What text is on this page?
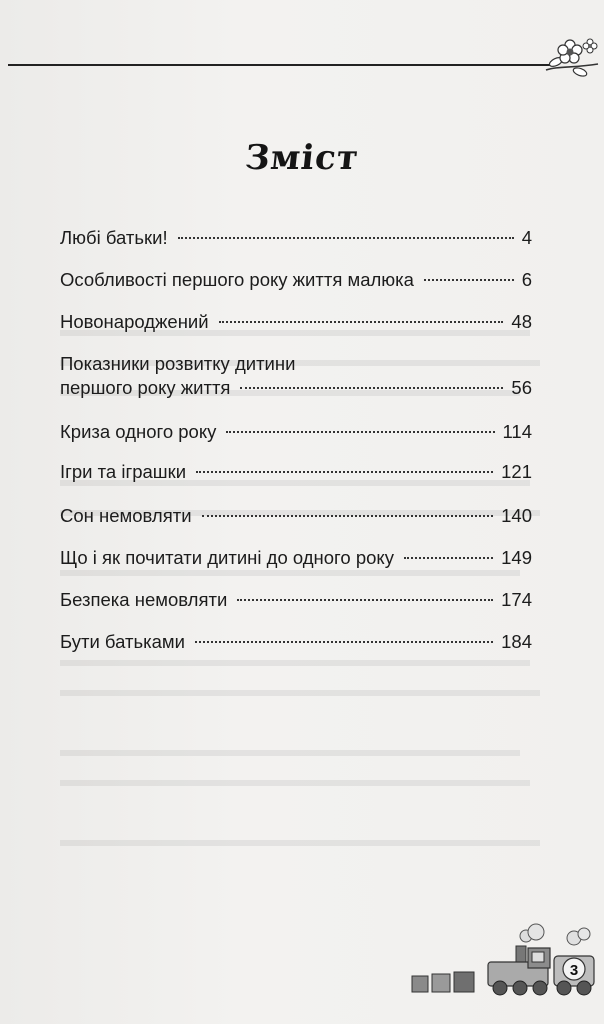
Зміст
Любі батьки!	4
Особливості першого року життя малюка	6
Новонароджений	48
Показники розвитку дитини
першого року життя	56
Криза одного року	114
Ігри та іграшки	121
Сон немовляти	140
Що і як почитати дитині до одного року	149
Безпека немовляти	174
Бути батьками	184
3
